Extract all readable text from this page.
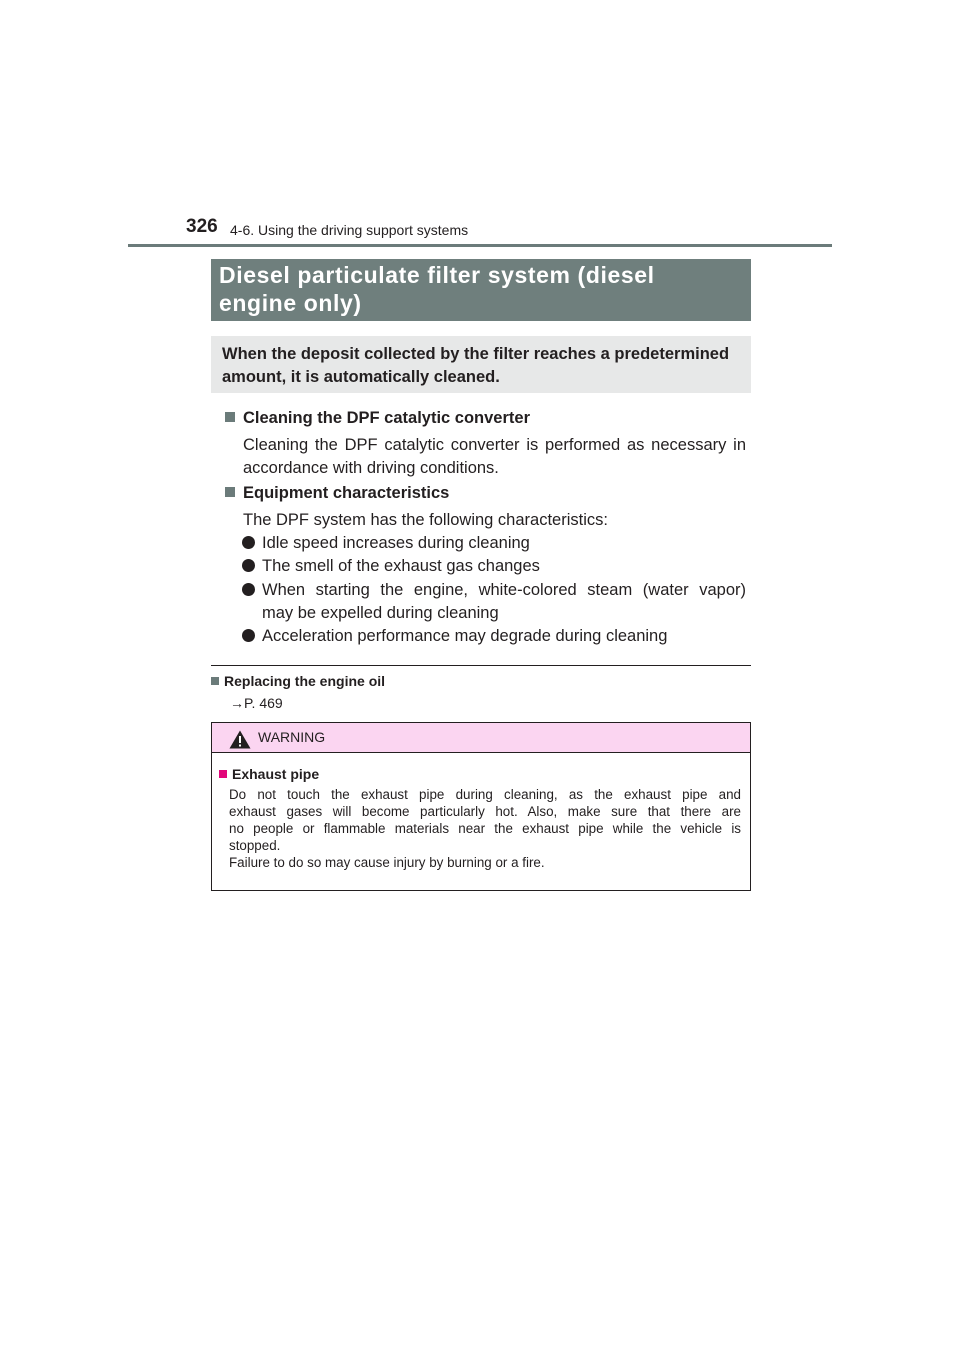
326 4-6. Using the driving support systems
Diesel particulate filter system (diesel
engine only)
When the deposit collected by the filter reaches a predetermined
amount, it is automatically cleaned.
Cleaning the DPF catalytic converter
Cleaning the DPF catalytic converter is performed as necessary in
accordance with driving conditions.
Equipment characteristics
The DPF system has the following characteristics:
Idle speed increases during cleaning
The smell of the exhaust gas changes
When starting the engine, white-colored steam (water vapor)
may be expelled during cleaning
Acceleration performance may degrade during cleaning
Replacing the engine oil
→P. 469
WARNING
Exhaust pipe
Do not touch the exhaust pipe during cleaning, as the exhaust pipe and
exhaust gases will become particularly hot. Also, make sure that there are
no people or flammable materials near the exhaust pipe while the vehicle is
stopped.
Failure to do so may cause injury by burning or a fire.
